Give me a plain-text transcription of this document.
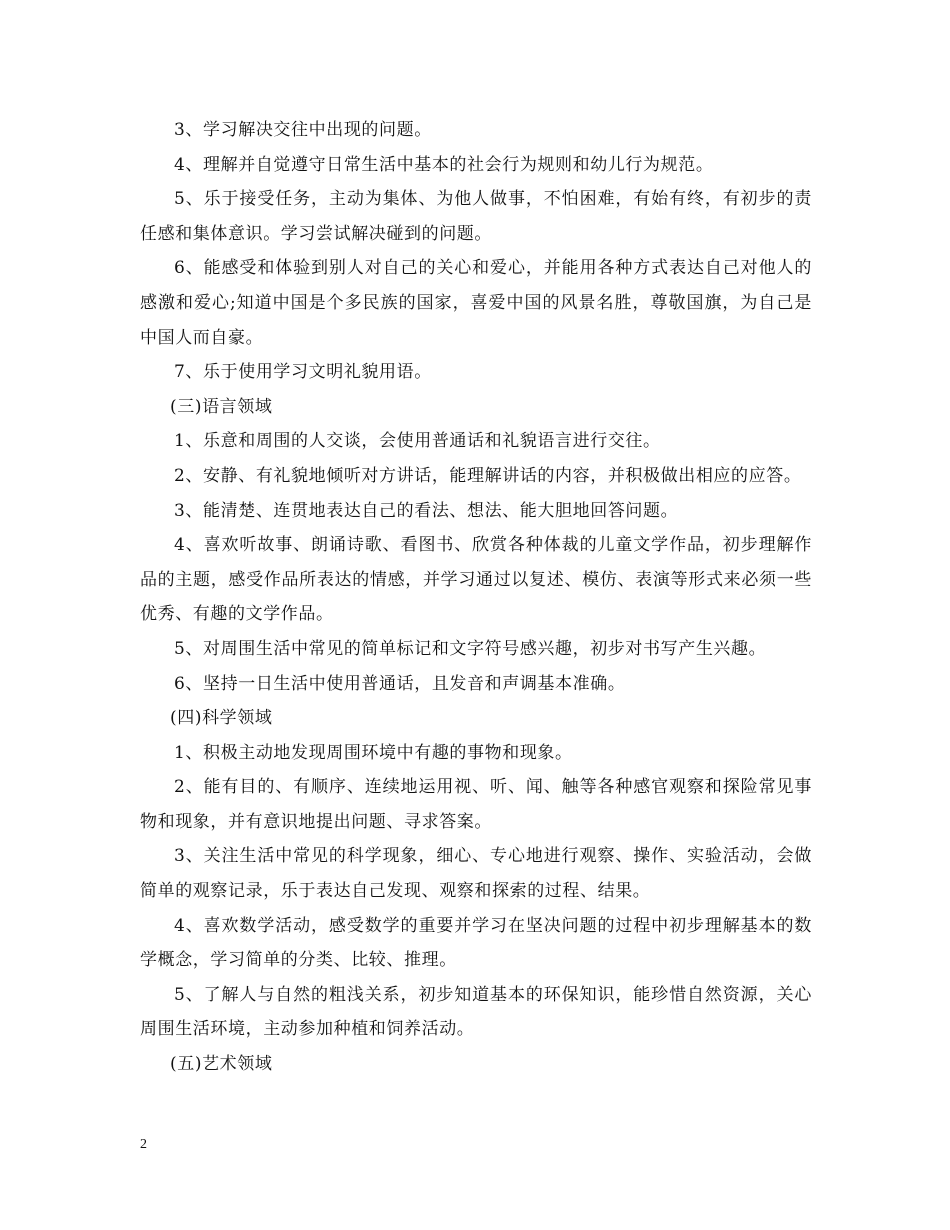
3、学习解决交往中出现的问题。

4、理解并自觉遵守日常生活中基本的社会行为规则和幼儿行为规范。

5、乐于接受任务，主动为集体、为他人做事，不怕困难，有始有终，有初步的责任感和集体意识。学习尝试解决碰到的问题。

6、能感受和体验到别人对自己的关心和爱心，并能用各种方式表达自己对他人的感激和爱心;知道中国是个多民族的国家，喜爱中国的风景名胜，尊敬国旗，为自己是中国人而自豪。

7、乐于使用学习文明礼貌用语。

(三)语言领域

1、乐意和周围的人交谈，会使用普通话和礼貌语言进行交往。

2、安静、有礼貌地倾听对方讲话，能理解讲话的内容，并积极做出相应的应答。

3、能清楚、连贯地表达自己的看法、想法、能大胆地回答问题。

4、喜欢听故事、朗诵诗歌、看图书、欣赏各种体裁的儿童文学作品，初步理解作品的主题，感受作品所表达的情感，并学习通过以复述、模仿、表演等形式来必须一些优秀、有趣的文学作品。

5、对周围生活中常见的简单标记和文字符号感兴趣，初步对书写产生兴趣。

6、坚持一日生活中使用普通话，且发音和声调基本准确。

(四)科学领域

1、积极主动地发现周围环境中有趣的事物和现象。

2、能有目的、有顺序、连续地运用视、听、闻、触等各种感官观察和探险常见事物和现象，并有意识地提出问题、寻求答案。

3、关注生活中常见的科学现象，细心、专心地进行观察、操作、实验活动，会做简单的观察记录，乐于表达自己发现、观察和探索的过程、结果。

4、喜欢数学活动，感受数学的重要并学习在坚决问题的过程中初步理解基本的数学概念，学习简单的分类、比较、推理。

5、了解人与自然的粗浅关系，初步知道基本的环保知识，能珍惜自然资源，关心周围生活环境，主动参加种植和饲养活动。

(五)艺术领域

2
